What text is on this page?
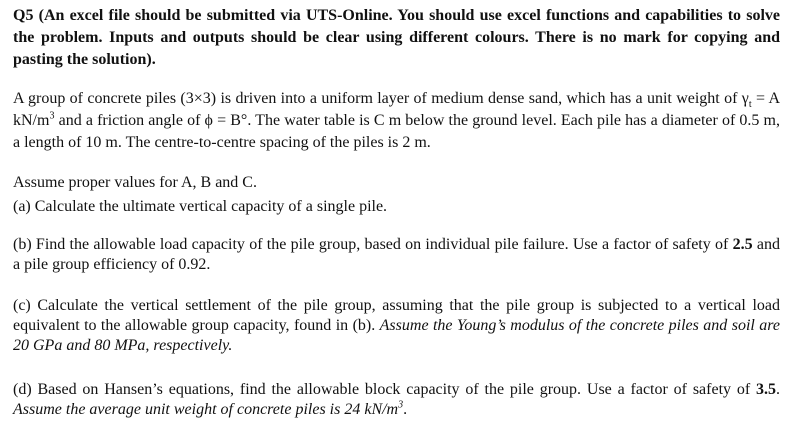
Q5 (An excel file should be submitted via UTS-Online. You should use excel functions and capabilities to solve the problem. Inputs and outputs should be clear using different colours. There is no mark for copying and pasting the solution).

A group of concrete piles (3×3) is driven into a uniform layer of medium dense sand, which has a unit weight of $\gamma_t = A$ $kN/m^3$ and a friction angle of ϕ = B°. The water table is C m below the ground level. Each pile has a diameter of 0.5 m, a length of 10 m. The centre-to-centre spacing of the piles is 2 m.

Assume proper values for A, B and C.

(a) Calculate the ultimate vertical capacity of a single pile.

(b) Find the allowable load capacity of the pile group, based on individual pile failure. Use a factor of safety of 2.5 and a pile group efficiency of 0.92.

(c) Calculate the vertical settlement of the pile group, assuming that the pile group is subjected to a vertical load equivalent to the allowable group capacity, found in (b). Assume the Young’s modulus of the concrete piles and soil are 20 GPa and 80 MPa, respectively.

(d) Based on Hansen’s equations, find the allowable block capacity of the pile group. Use a factor of safety of 3.5. Assume the average unit weight of concrete piles is 24 $kN/m^3$.
